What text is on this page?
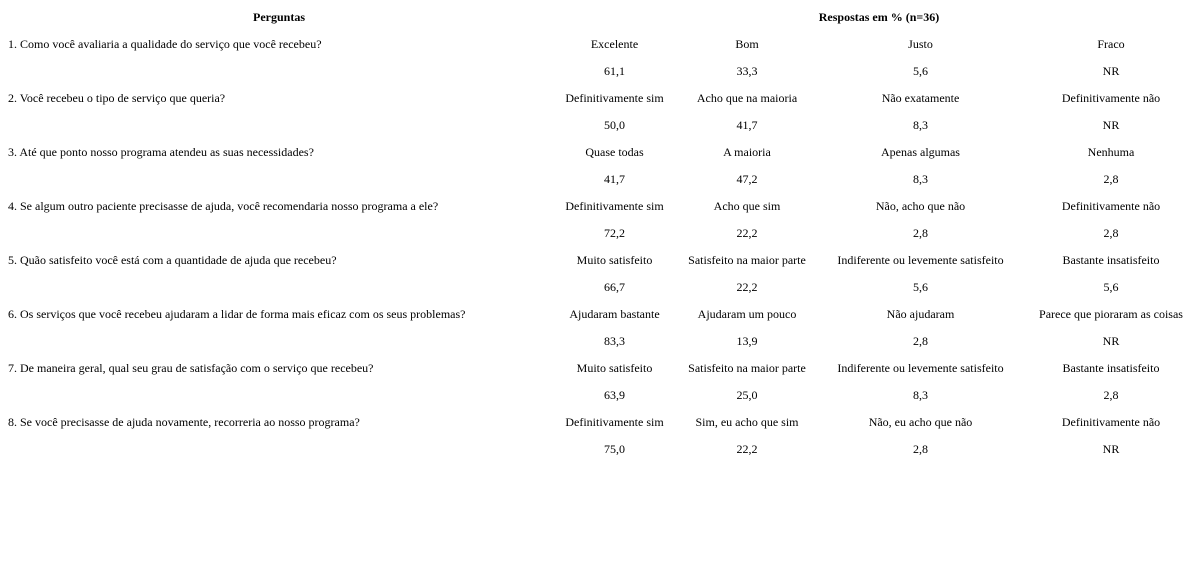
Perguntas	Respostas em % (n=36)			
1. Como você avaliaria a qualidade do serviço que você recebeu?	Excelente	Bom	Justo	Fraco
	61,1	33,3	5,6	NR
2. Você recebeu o tipo de serviço que queria?	Definitivamente sim	Acho que na maioria	Não exatamente	Definitivamente não
	50,0	41,7	8,3	NR
3. Até que ponto nosso programa atendeu as suas necessidades?	Quase todas	A maioria	Apenas algumas	Nenhuma
	41,7	47,2	8,3	2,8
4. Se algum outro paciente precisasse de ajuda, você recomendaria nosso programa a ele?	Definitivamente sim	Acho que sim	Não, acho que não	Definitivamente não
	72,2	22,2	2,8	2,8
5. Quão satisfeito você está com a quantidade de ajuda que recebeu?	Muito satisfeito	Satisfeito na maior parte	Indiferente ou levemente satisfeito	Bastante insatisfeito
	66,7	22,2	5,6	5,6
6. Os serviços que você recebeu ajudaram a lidar de forma mais eficaz com os seus problemas?	Ajudaram bastante	Ajudaram um pouco	Não ajudaram	Parece que pioraram as coisas
	83,3	13,9	2,8	NR
7. De maneira geral, qual seu grau de satisfação com o serviço que recebeu?	Muito satisfeito	Satisfeito na maior parte	Indiferente ou levemente satisfeito	Bastante insatisfeito
	63,9	25,0	8,3	2,8
8. Se você precisasse de ajuda novamente, recorreria ao nosso programa?	Definitivamente sim	Sim, eu acho que sim	Não, eu acho que não	Definitivamente não
	75,0	22,2	2,8	NR
